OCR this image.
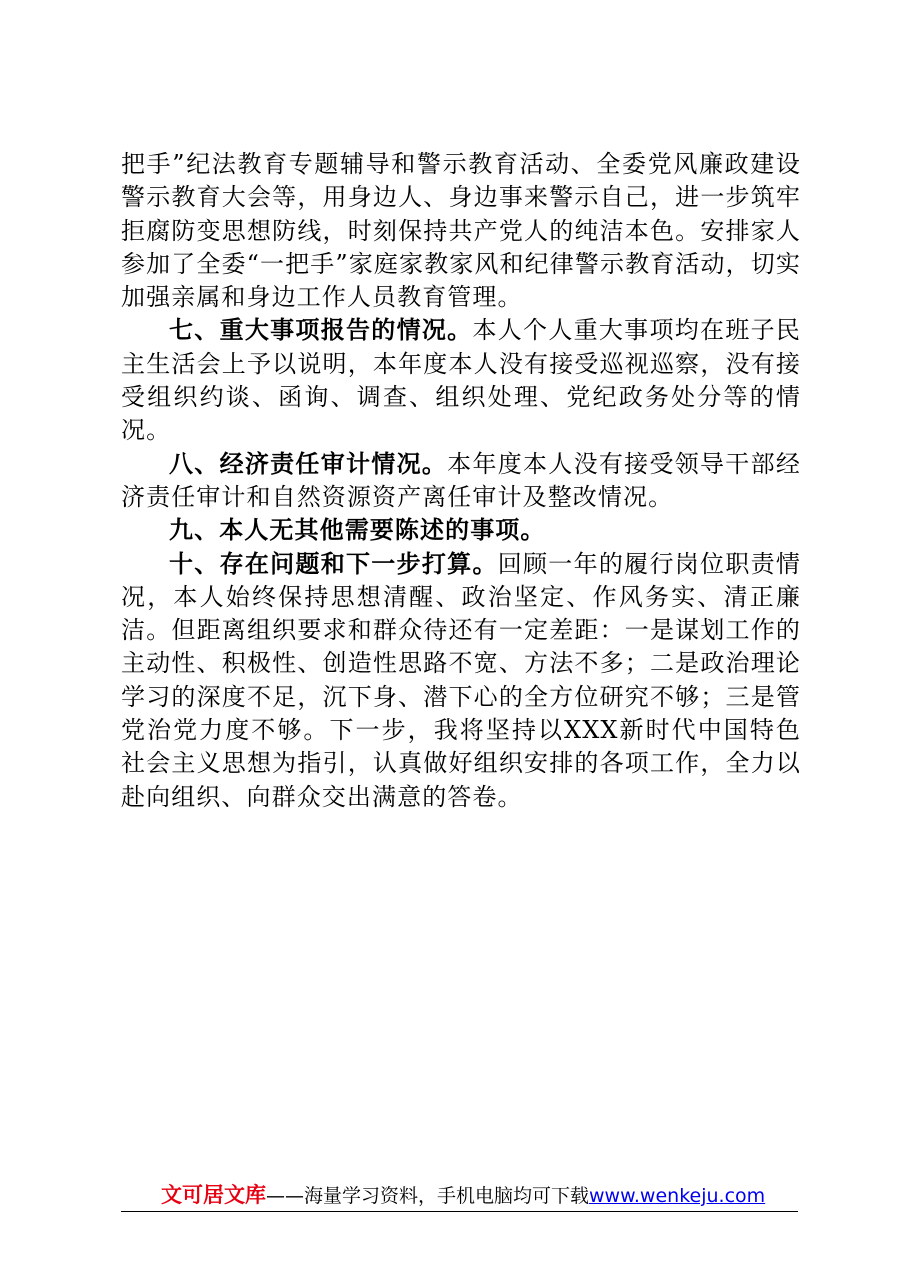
把手”纪法教育专题辅导和警示教育活动、全委党风廉政建设警示教育大会等，用身边人、身边事来警示自己，进一步筑牢拒腐防变思想防线，时刻保持共产党人的纯洁本色。安排家人参加了全委“一把手”家庭家教家风和纪律警示教育活动，切实加强亲属和身边工作人员教育管理。

七、重大事项报告的情况。本人个人重大事项均在班子民主生活会上予以说明，本年度本人没有接受巡视巡察，没有接受组织约谈、函询、调查、组织处理、党纪政务处分等的情况。

八、经济责任审计情况。本年度本人没有接受领导干部经济责任审计和自然资源资产离任审计及整改情况。

九、本人无其他需要陈述的事项。

十、存在问题和下一步打算。回顾一年的履行岗位职责情况，本人始终保持思想清醒、政治坚定、作风务实、清正廉洁。但距离组织要求和群众待还有一定差距：一是谋划工作的主动性、积极性、创造性思路不宽、方法不多；二是政治理论学习的深度不足，沉下身、潜下心的全方位研究不够；三是管党治党力度不够。下一步，我将坚持以XXX新时代中国特色社会主义思想为指引，认真做好组织安排的各项工作，全力以赴向组织、向群众交出满意的答卷。

文可居文库——海量学习资料，手机电脑均可下载www.wenkeju.com
